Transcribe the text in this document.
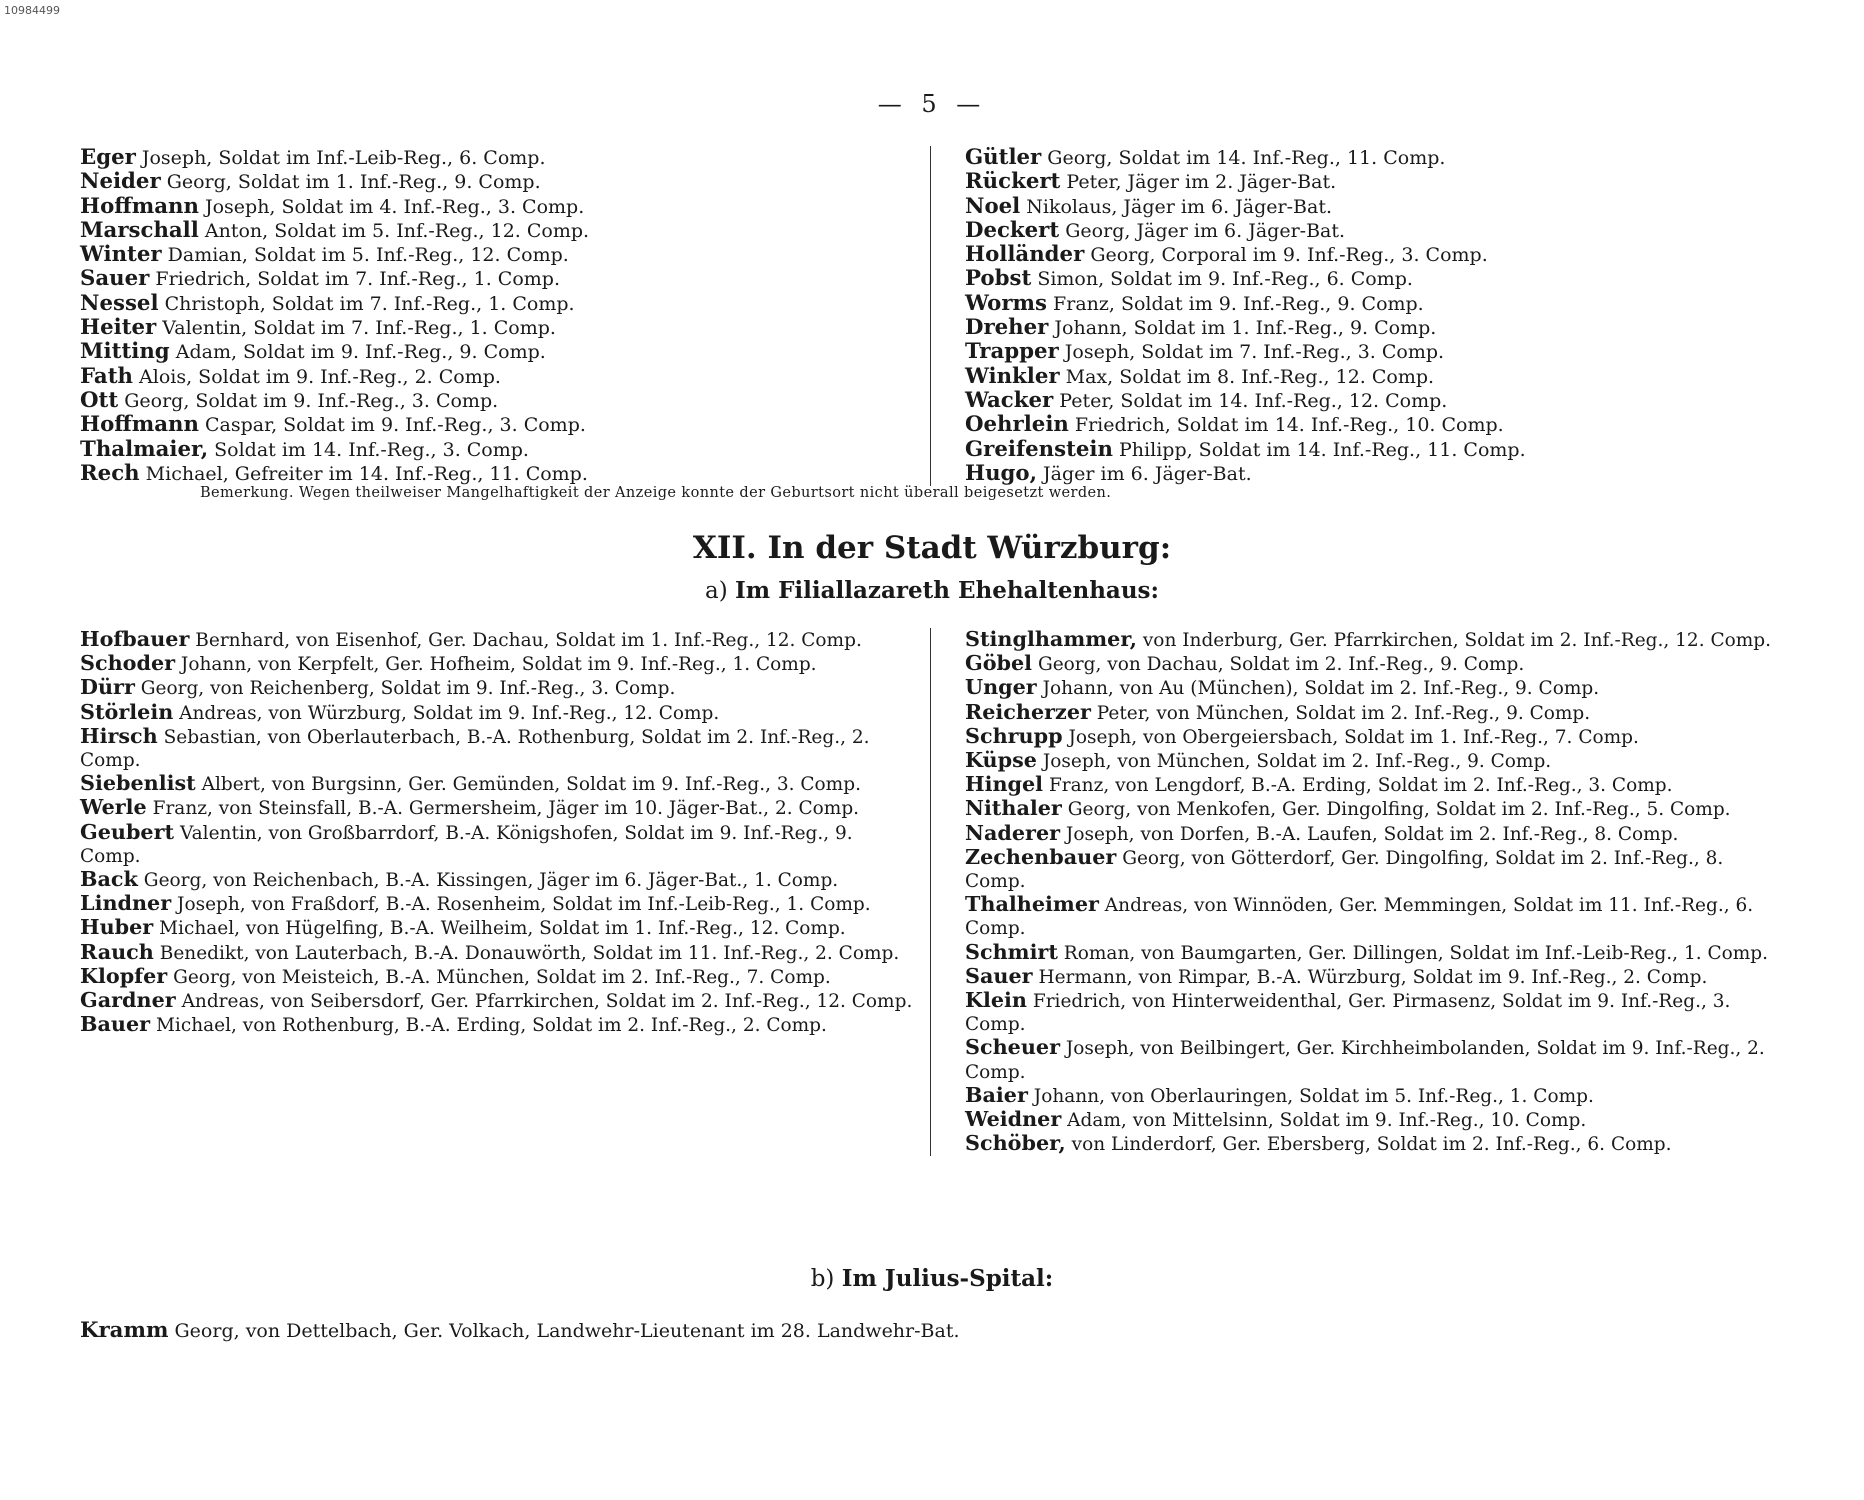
10984499
— 5 —
Eger Joseph, Soldat im Inf.-Leib-Reg., 6. Comp.
Neider Georg, Soldat im 1. Inf.-Reg., 9. Comp.
Hoffmann Joseph, Soldat im 4. Inf.-Reg., 3. Comp.
Marschall Anton, Soldat im 5. Inf.-Reg., 12. Comp.
Winter Damian, Soldat im 5. Inf.-Reg., 12. Comp.
Sauer Friedrich, Soldat im 7. Inf.-Reg., 1. Comp.
Nessel Christoph, Soldat im 7. Inf.-Reg., 1. Comp.
Heiter Valentin, Soldat im 7. Inf.-Reg., 1. Comp.
Mitting Adam, Soldat im 9. Inf.-Reg., 9. Comp.
Fath Alois, Soldat im 9. Inf.-Reg., 2. Comp.
Ott Georg, Soldat im 9. Inf.-Reg., 3. Comp.
Hoffmann Caspar, Soldat im 9. Inf.-Reg., 3. Comp.
Thalmaier, Soldat im 14. Inf.-Reg., 3. Comp.
Rech Michael, Gefreiter im 14. Inf.-Reg., 11. Comp.
Gütler Georg, Soldat im 14. Inf.-Reg., 11. Comp.
Rückert Peter, Jäger im 2. Jäger-Bat.
Noel Nikolaus, Jäger im 6. Jäger-Bat.
Deckert Georg, Jäger im 6. Jäger-Bat.
Holländer Georg, Corporal im 9. Inf.-Reg., 3. Comp.
Pobst Simon, Soldat im 9. Inf.-Reg., 6. Comp.
Worms Franz, Soldat im 9. Inf.-Reg., 9. Comp.
Dreher Johann, Soldat im 1. Inf.-Reg., 9. Comp.
Trapper Joseph, Soldat im 7. Inf.-Reg., 3. Comp.
Winkler Max, Soldat im 8. Inf.-Reg., 12. Comp.
Wacker Peter, Soldat im 14. Inf.-Reg., 12. Comp.
Oehrlein Friedrich, Soldat im 14. Inf.-Reg., 10. Comp.
Greifenstein Philipp, Soldat im 14. Inf.-Reg., 11. Comp.
Hugo, Jäger im 6. Jäger-Bat.
Bemerkung. Wegen theilweiser Mangelhaftigkeit der Anzeige konnte der Geburtsort nicht überall beigesetzt werden.
XII. In der Stadt Würzburg:
a) Im Filiallazareth Ehehaltenhaus:
Hofbauer Bernhard, von Eisenhof, Ger. Dachau, Soldat im 1. Inf.-Reg., 12. Comp.
Schoder Johann, von Kerpfelt, Ger. Hofheim, Soldat im 9. Inf.-Reg., 1. Comp.
Dürr Georg, von Reichenberg, Soldat im 9. Inf.-Reg., 3. Comp.
Störlein Andreas, von Würzburg, Soldat im 9. Inf.-Reg., 12. Comp.
Hirsch Sebastian, von Oberlauterbach, B.-A. Rothenburg, Soldat im 2. Inf.-Reg., 2. Comp.
Siebenlist Albert, von Burgsinn, Ger. Gemünden, Soldat im 9. Inf.-Reg., 3. Comp.
Werle Franz, von Steinsfall, B.-A. Germersheim, Jäger im 10. Jäger-Bat., 2. Comp.
Geubert Valentin, von Großbarrdorf, B.-A. Königshofen, Soldat im 9. Inf.-Reg., 9. Comp.
Back Georg, von Reichenbach, B.-A. Kissingen, Jäger im 6. Jäger-Bat., 1. Comp.
Lindner Joseph, von Fraßdorf, B.-A. Rosenheim, Soldat im Inf.-Leib-Reg., 1. Comp.
Huber Michael, von Hügelfing, B.-A. Weilheim, Soldat im 1. Inf.-Reg., 12. Comp.
Rauch Benedikt, von Lauterbach, B.-A. Donauwörth, Soldat im 11. Inf.-Reg., 2. Comp.
Klopfer Georg, von Meisteich, B.-A. München, Soldat im 2. Inf.-Reg., 7. Comp.
Gardner Andreas, von Seibersdorf, Ger. Pfarrkirchen, Soldat im 2. Inf.-Reg., 12. Comp.
Bauer Michael, von Rothenburg, B.-A. Erding, Soldat im 2. Inf.-Reg., 2. Comp.
Stinglhammer, von Inderburg, Ger. Pfarrkirchen, Soldat im 2. Inf.-Reg., 12. Comp.
Göbel Georg, von Dachau, Soldat im 2. Inf.-Reg., 9. Comp.
Unger Johann, von Au (München), Soldat im 2. Inf.-Reg., 9. Comp.
Reicherzer Peter, von München, Soldat im 2. Inf.-Reg., 9. Comp.
Schrupp Joseph, von Obergeiersbach, Soldat im 1. Inf.-Reg., 7. Comp.
Küpse Joseph, von München, Soldat im 2. Inf.-Reg., 9. Comp.
Hingel Franz, von Lengdorf, B.-A. Erding, Soldat im 2. Inf.-Reg., 3. Comp.
Nithaler Georg, von Menkofen, Ger. Dingolfing, Soldat im 2. Inf.-Reg., 5. Comp.
Naderer Joseph, von Dorfen, B.-A. Laufen, Soldat im 2. Inf.-Reg., 8. Comp.
Zechenbauer Georg, von Götterdorf, Ger. Dingolfing, Soldat im 2. Inf.-Reg., 8. Comp.
Thalheimer Andreas, von Winnöden, Ger. Memmingen, Soldat im 11. Inf.-Reg., 6. Comp.
Schmirt Roman, von Baumgarten, Ger. Dillingen, Soldat im Inf.-Leib-Reg., 1. Comp.
Sauer Hermann, von Rimpar, B.-A. Würzburg, Soldat im 9. Inf.-Reg., 2. Comp.
Klein Friedrich, von Hinterweidenthal, Ger. Pirmasenz, Soldat im 9. Inf.-Reg., 3. Comp.
Scheuer Joseph, von Beilbingert, Ger. Kirchheimbolanden, Soldat im 9. Inf.-Reg., 2. Comp.
Baier Johann, von Oberlauringen, Soldat im 5. Inf.-Reg., 1. Comp.
Weidner Adam, von Mittelsinn, Soldat im 9. Inf.-Reg., 10. Comp.
Schöber, von Linderdorf, Ger. Ebersberg, Soldat im 2. Inf.-Reg., 6. Comp.
b) Im Julius-Spital:
Kramm Georg, von Dettelbach, Ger. Volkach, Landwehr-Lieutenant im 28. Landwehr-Bat.
